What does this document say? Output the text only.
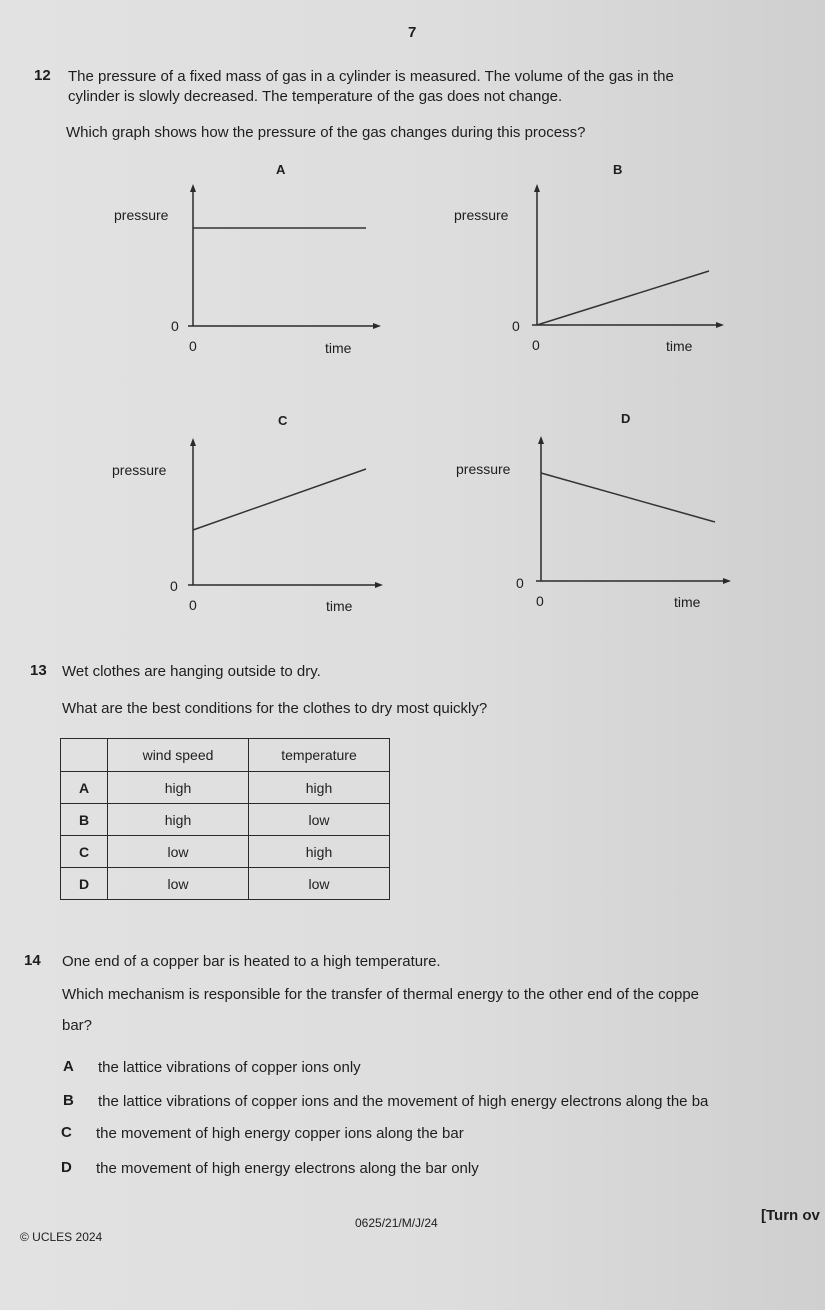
7
12 The pressure of a fixed mass of gas in a cylinder is measured. The volume of the gas in the
cylinder is slowly decreased. The temperature of the gas does not change.
Which graph shows how the pressure of the gas changes during this process?
A
pressure
0
0	time
B
pressure
0
0	time
C
pressure
0
0	time
D
pressure
0
0	time
13 Wet clothes are hanging outside to dry.
What are the best conditions for the clothes to dry most quickly?
	wind speed	temperature
A	high	high
B	high	low
C	low	high
D	low	low
14 One end of a copper bar is heated to a high temperature.
Which mechanism is responsible for the transfer of thermal energy to the other end of the coppe
bar?
A the lattice vibrations of copper ions only
B the lattice vibrations of copper ions and the movement of high energy electrons along the ba
C the movement of high energy copper ions along the bar
D the movement of high energy electrons along the bar only
© UCLES 2024
0625/21/M/J/24	[Turn ov
